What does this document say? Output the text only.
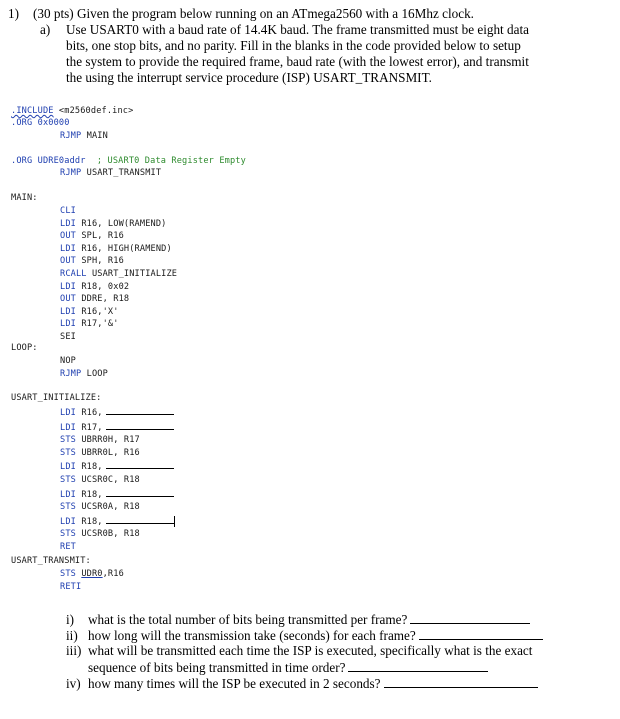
1) (30 pts) Given the program below running on an ATmega2560 with a 16Mhz clock.
a) Use USART0 with a baud rate of 14.4K baud. The frame transmitted must be eight data
bits, one stop bits, and no parity. Fill in the blanks in the code provided below to setup
the system to provide the required frame, baud rate (with the lowest error), and transmit
the using the interrupt service procedure (ISP) USART_TRANSMIT.
.INCLUDE <m2560def.inc>
.ORG 0x0000
RJMP MAIN
.ORG UDRE0addr ; USART0 Data Register Empty
RJMP USART_TRANSMIT
MAIN:
CLI
LDI R16, LOW(RAMEND)
OUT SPL, R16
LDI R16, HIGH(RAMEND)
OUT SPH, R16
RCALL USART_INITIALIZE
LDI R18, 0x02
OUT DDRE, R18
LDI R16,'X'
LDI R17,'&'
SEI
LOOP:
NOP
RJMP LOOP
USART_INITIALIZE:
LDI R16,
LDI R17,
STS UBRR0H, R17
STS UBRR0L, R16
LDI R18,
STS UCSR0C, R18
LDI R18,
STS UCSR0A, R18
LDI R18,
STS UCSR0B, R18
RET
USART_TRANSMIT:
STS UDR0,R16
RETI
i) what is the total number of bits being transmitted per frame?
ii) how long will the transmission take (seconds) for each frame?
iii) what will be transmitted each time the ISP is executed, specifically what is the exact
sequence of bits being transmitted in time order?
iv) how many times will the ISP be executed in 2 seconds?
